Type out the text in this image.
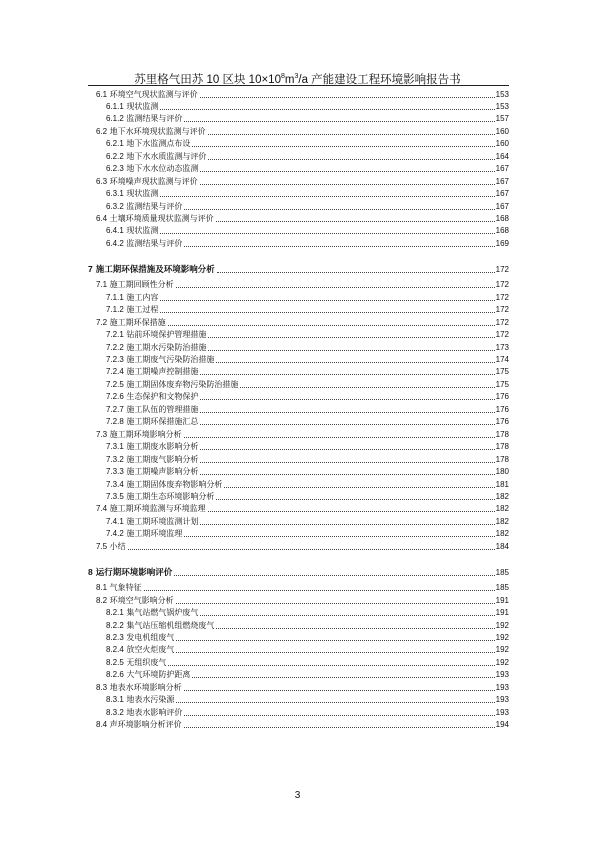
苏里格气田苏 10 区块 $10\times 10^8m^3/a$ 产能建设工程环境影响报告书
6.1 环境空气现状监测与评价	153
6.1.1 现状监测	153
6.1.2 监测结果与评价	157
6.2 地下水环境现状监测与评价	160
6.2.1 地下水监测点布设	160
6.2.2 地下水水质监测与评价	164
6.2.3 地下水水位动态监测	167
6.3 环境噪声现状监测与评价	167
6.3.1 现状监测	167
6.3.2 监测结果与评价	167
6.4 土壤环境质量现状监测与评价	168
6.4.1 现状监测	168
6.4.2 监测结果与评价	169
7 施工期环保措施及环境影响分析	172
7.1 施工期回顾性分析	172
7.1.1 施工内容	172
7.1.2 施工过程	172
7.2 施工期环保措施	172
7.2.1 钻前环境保护管理措施	172
7.2.2 施工期水污染防治措施	173
7.2.3 施工期废气污染防治措施	174
7.2.4 施工期噪声控制措施	175
7.2.5 施工期固体废弃物污染防治措施	175
7.2.6 生态保护和文物保护	176
7.2.7 施工队伍的管理措施	176
7.2.8 施工期环保措施汇总	176
7.3 施工期环境影响分析	178
7.3.1 施工期废水影响分析	178
7.3.2 施工期废气影响分析	178
7.3.3 施工期噪声影响分析	180
7.3.4 施工期固体废弃物影响分析	181
7.3.5 施工期生态环境影响分析	182
7.4 施工期环境监测与环境监理	182
7.4.1 施工期环境监测计划	182
7.4.2 施工期环境监理	182
7.5 小结	184
8 运行期环境影响评价	185
8.1 气象特征	185
8.2 环境空气影响分析	191
8.2.1 集气站燃气锅炉废气	191
8.2.2 集气站压缩机组燃烧废气	192
8.2.3 发电机组废气	192
8.2.4 放空火炬废气	192
8.2.5 无组织废气	192
8.2.6 大气环境防护距离	193
8.3 地表水环境影响分析	193
8.3.1 地表水污染源	193
8.3.2 地表水影响评价	193
8.4 声环境影响分析评价	194
3
